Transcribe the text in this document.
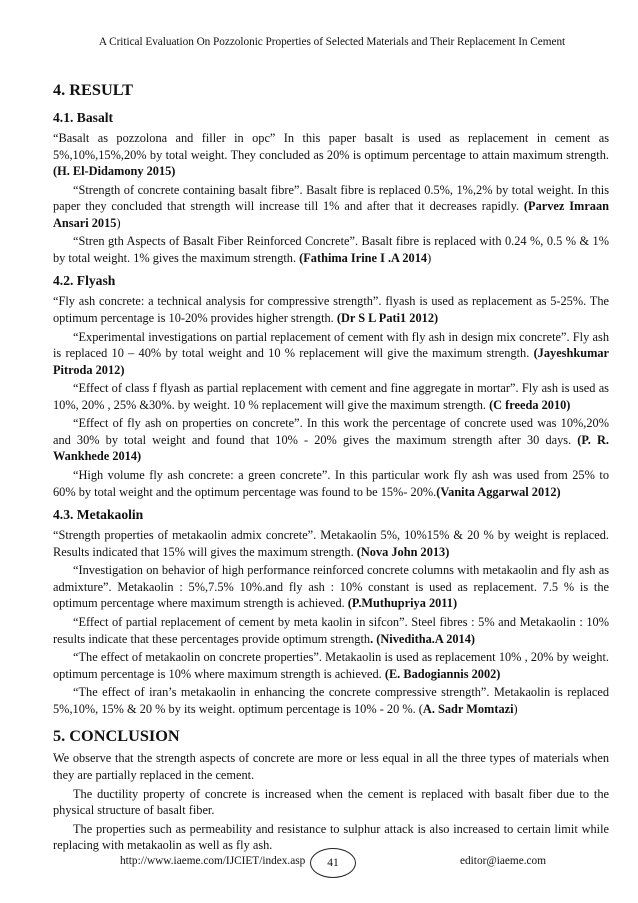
A Critical Evaluation On Pozzolonic Properties of Selected Materials and Their Replacement In Cement
4. RESULT
4.1. Basalt

“Basalt as pozzolona and filler in opc” In this paper basalt is used as replacement in cement as 5%,10%,15%,20% by total weight. They concluded as 20% is optimum percentage to attain maximum strength. (H. El-Didamony 2015)

“Strength of concrete containing basalt fibre”. Basalt fibre is replaced 0.5%, 1%,2% by total weight. In this paper they concluded that strength will increase till 1% and after that it decreases rapidly. (Parvez Imraan Ansari 2015)

“Stren gth Aspects of Basalt Fiber Reinforced Concrete”. Basalt fibre is replaced with 0.24 %, 0.5 % & 1% by total weight. 1% gives the maximum strength. (Fathima Irine I .A 2014)

4.2. Flyash

“Fly ash concrete: a technical analysis for compressive strength”. flyash is used as replacement as 5-25%. The optimum percentage is 10-20% provides higher strength. (Dr S L Pati1 2012)

“Experimental investigations on partial replacement of cement with fly ash in design mix concrete”. Fly ash is replaced 10 – 40% by total weight and 10 % replacement will give the maximum strength. (Jayeshkumar Pitroda 2012)

“Effect of class f flyash as partial replacement with cement and fine aggregate in mortar”. Fly ash is used as 10%, 20% , 25% &30%. by weight. 10 % replacement will give the maximum strength. (C freeda 2010)

“Effect of fly ash on properties on concrete”. In this work the percentage of concrete used was 10%,20% and 30% by total weight and found that 10% - 20% gives the maximum strength after 30 days. (P. R. Wankhede 2014)

“High volume fly ash concrete: a green concrete”. In this particular work fly ash was used from 25% to 60% by total weight and the optimum percentage was found to be 15%- 20%.(Vanita Aggarwal 2012)

4.3. Metakaolin

“Strength properties of metakaolin admix concrete”. Metakaolin 5%, 10%15% & 20 % by weight is replaced. Results indicated that 15% will gives the maximum strength. (Nova John 2013)

“Investigation on behavior of high performance reinforced concrete columns with metakaolin and fly ash as admixture”. Metakaolin : 5%,7.5% 10%.and fly ash : 10% constant is used as replacement. 7.5 % is the optimum percentage where maximum strength is achieved. (P.Muthupriya 2011)

“Effect of partial replacement of cement by meta kaolin in sifcon”. Steel fibres : 5% and Metakaolin : 10% results indicate that these percentages provide optimum strength. (Niveditha.A 2014)

“The effect of metakaolin on concrete properties”. Metakaolin is used as replacement 10% , 20% by weight. optimum percentage is 10% where maximum strength is achieved. (E. Badogiannis 2002)

“The effect of iran’s metakaolin in enhancing the concrete compressive strength”. Metakaolin is replaced 5%,10%, 15% & 20 % by its weight. optimum percentage is 10% - 20 %. (A. Sadr Momtazi)

5. CONCLUSION

We observe that the strength aspects of concrete are more or less equal in all the three types of materials when they are partially replaced in the cement.

The ductility property of concrete is increased when the cement is replaced with basalt fiber due to the physical structure of basalt fiber.

The properties such as permeability and resistance to sulphur attack is also increased to certain limit while replacing with metakaolin as well as fly ash.

http://www.iaeme.com/IJCIET/index.asp	41	editor@iaeme.com
